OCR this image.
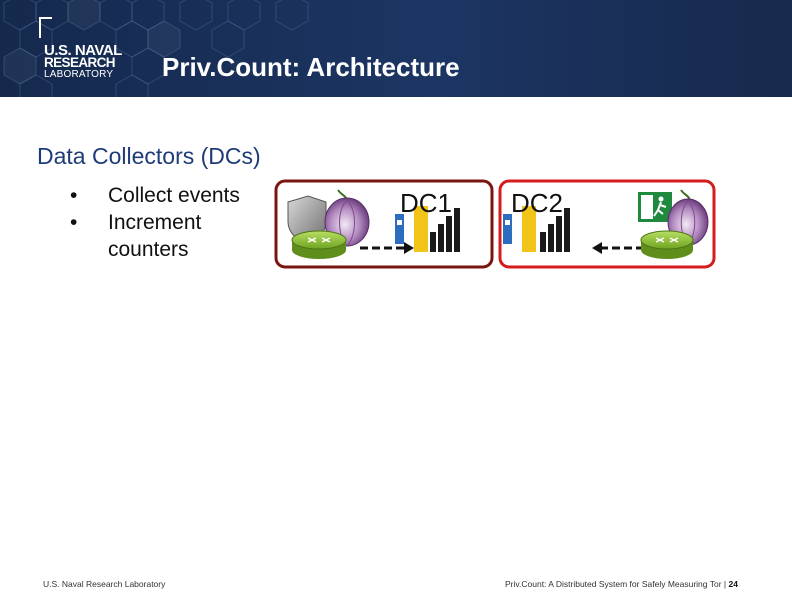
U.S. NAVAL
RESEARCH
LABORATORY Priv.Count: Architecture
Data Collectors (DCs)
• Collect events
• Increment counters
DC1 DC2
U.S. Naval Research Laboratory	Priv.Count: A Distributed System for Safely Measuring Tor | 24
